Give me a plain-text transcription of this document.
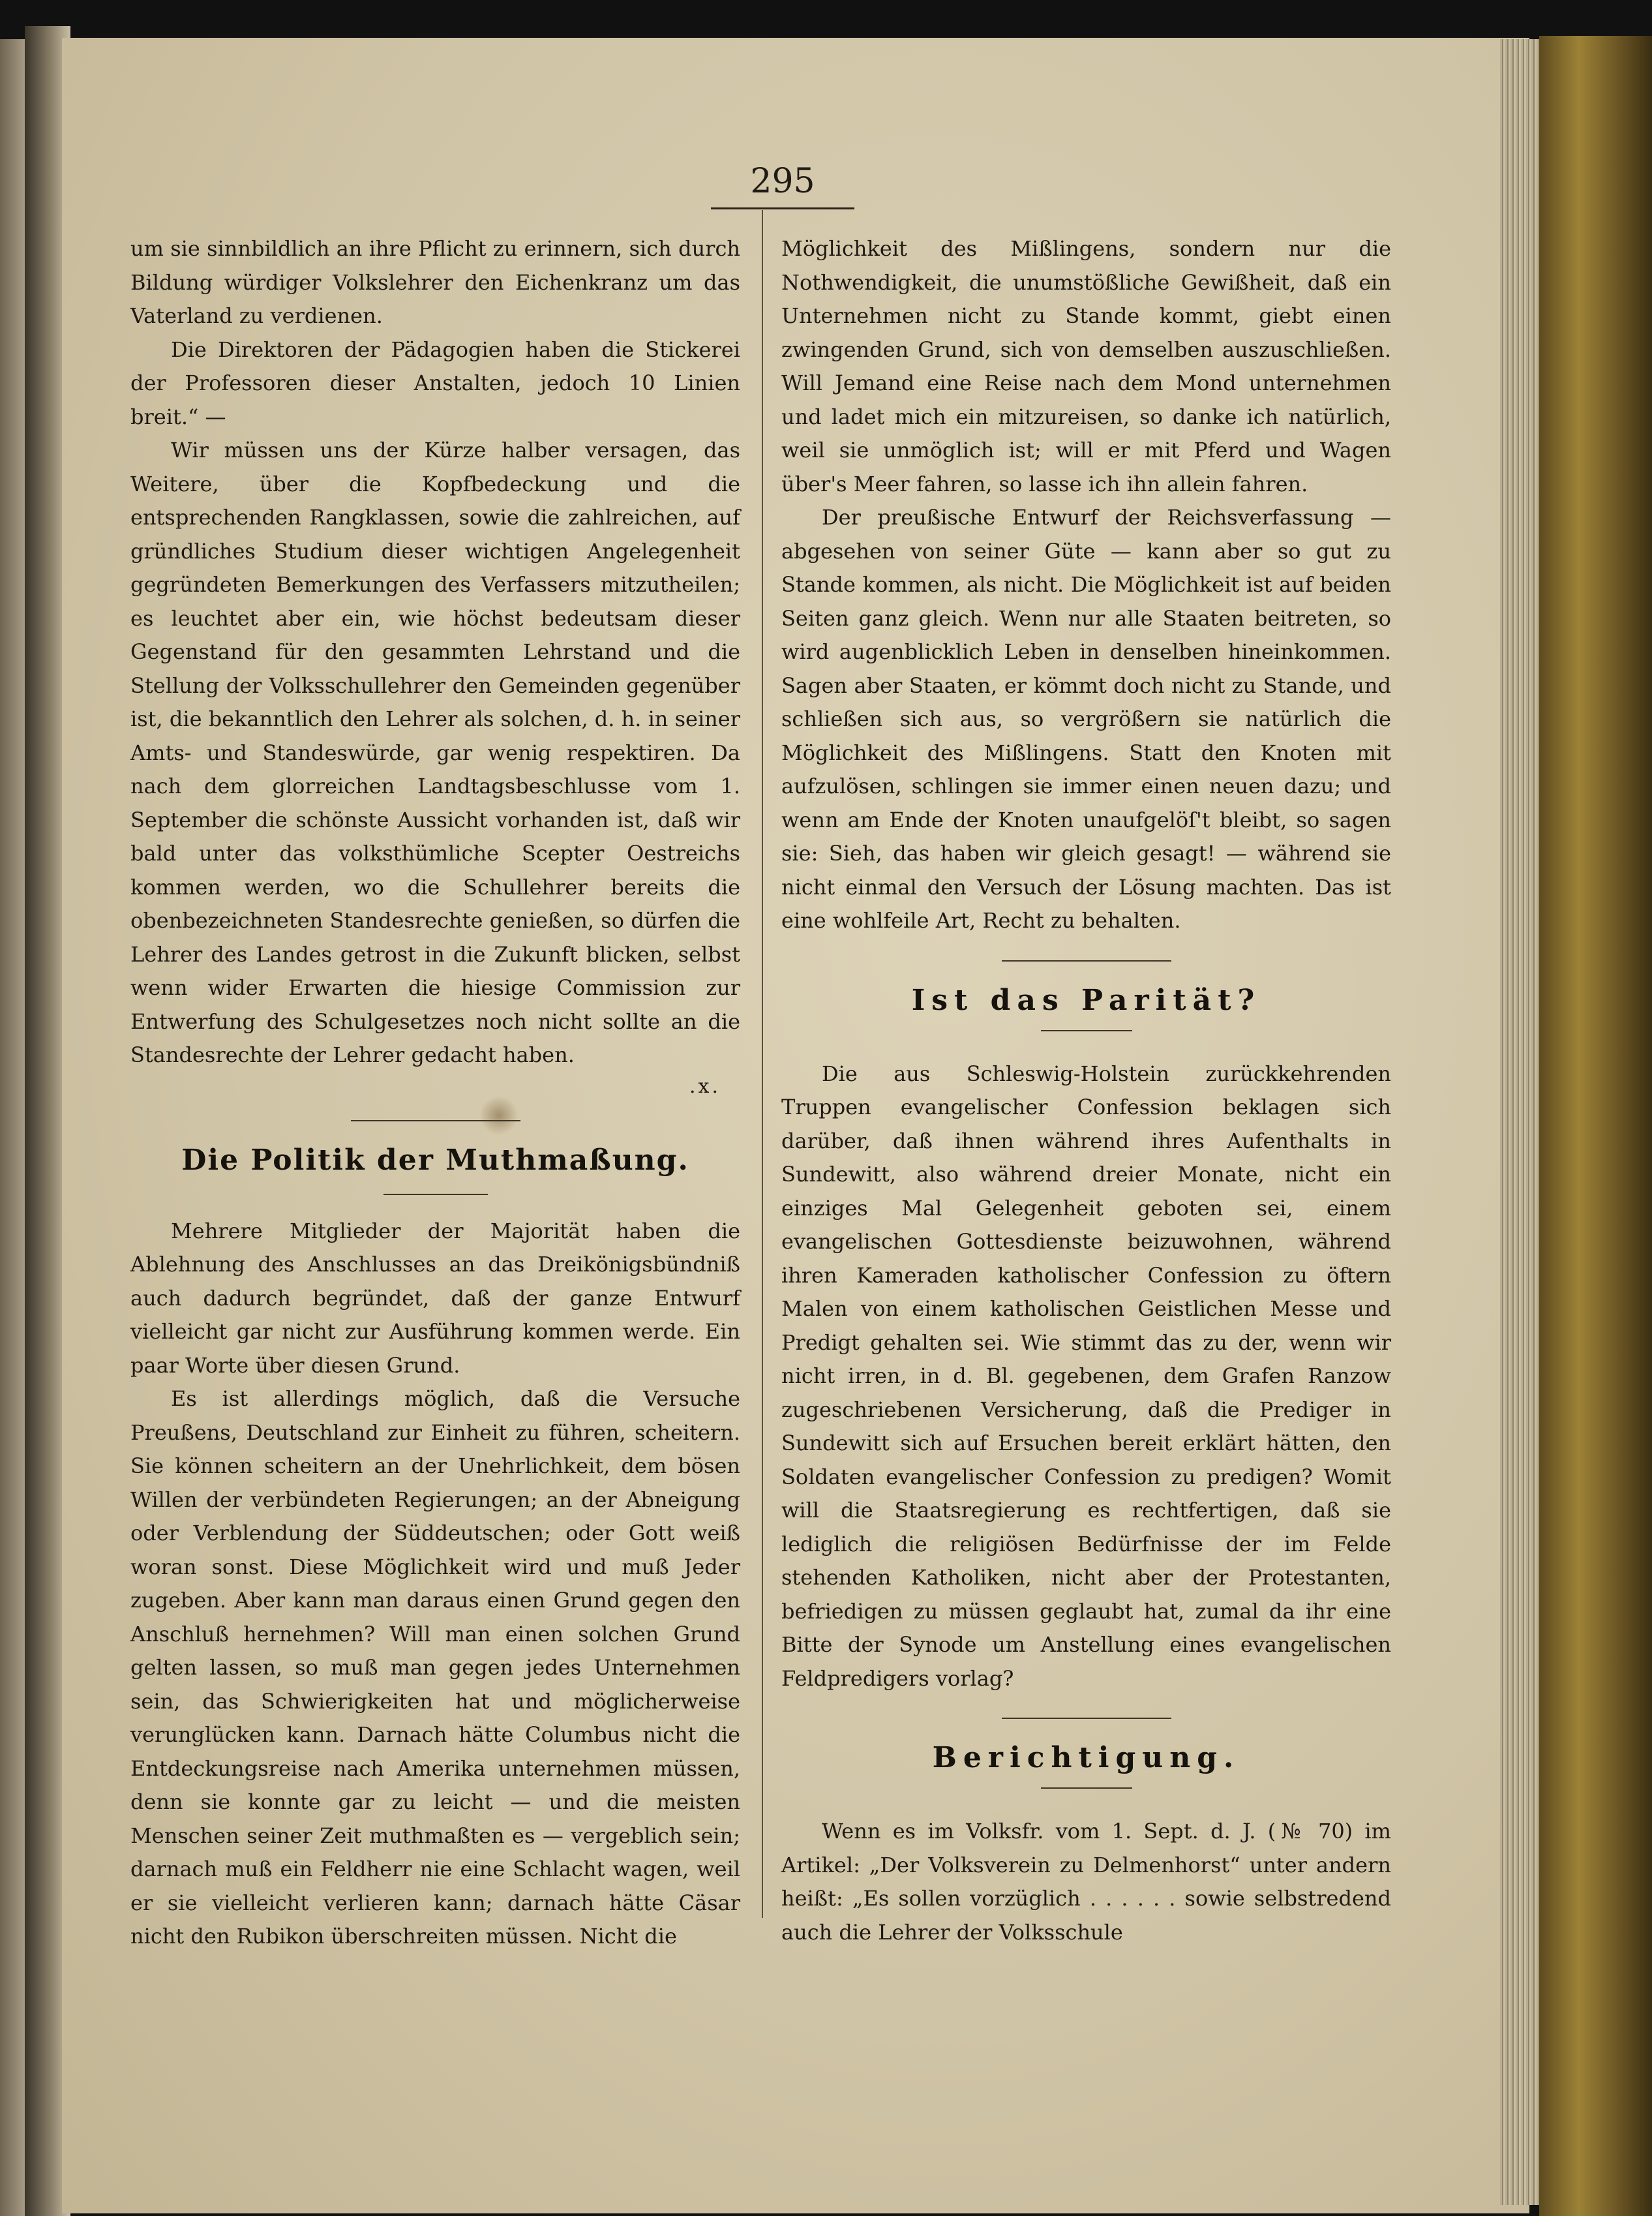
295

um sie sinnbildlich an ihre Pflicht zu erinnern, sich durch Bildung würdiger Volkslehrer den Eichenkranz um das Vaterland zu verdienen.

Die Direktoren der Pädagogien haben die Stickerei der Professoren dieser Anstalten, jedoch 10 Linien breit.“ —

Wir müssen uns der Kürze halber versagen, das Weitere, über die Kopfbedeckung und die entsprechenden Rangklassen, sowie die zahlreichen, auf gründliches Studium dieser wichtigen Angelegenheit gegründeten Bemerkungen des Verfassers mitzutheilen; es leuchtet aber ein, wie höchst bedeutsam dieser Gegenstand für den gesammten Lehrstand und die Stellung der Volksschullehrer den Gemeinden gegenüber ist, die bekanntlich den Lehrer als solchen, d. h. in seiner Amts- und Standeswürde, gar wenig respektiren. Da nach dem glorreichen Landtagsbeschlusse vom 1. September die schönste Aussicht vorhanden ist, daß wir bald unter das volksthümliche Scepter Oestreichs kommen werden, wo die Schullehrer bereits die obenbezeichneten Standesrechte genießen, so dürfen die Lehrer des Landes getrost in die Zukunft blicken, selbst wenn wider Erwarten die hiesige Commission zur Entwerfung des Schulgesetzes noch nicht sollte an die Standesrechte der Lehrer gedacht haben.

.x.
Die Politik der Muthmaßung.

Mehrere Mitglieder der Majorität haben die Ablehnung des Anschlusses an das Dreikönigsbündniß auch dadurch begründet, daß der ganze Entwurf vielleicht gar nicht zur Ausführung kommen werde. Ein paar Worte über diesen Grund.

Es ist allerdings möglich, daß die Versuche Preußens, Deutschland zur Einheit zu führen, scheitern. Sie können scheitern an der Unehrlichkeit, dem bösen Willen der verbündeten Regierungen; an der Abneigung oder Verblendung der Süddeutschen; oder Gott weiß woran sonst. Diese Möglichkeit wird und muß Jeder zugeben. Aber kann man daraus einen Grund gegen den Anschluß hernehmen? Will man einen solchen Grund gelten lassen, so muß man gegen jedes Unternehmen sein, das Schwierigkeiten hat und möglicherweise verunglücken kann. Darnach hätte Columbus nicht die Entdeckungsreise nach Amerika unternehmen müssen, denn sie konnte gar zu leicht — und die meisten Menschen seiner Zeit muthmaßten es — vergeblich sein; darnach muß ein Feldherr nie eine Schlacht wagen, weil er sie vielleicht verlieren kann; darnach hätte Cäsar nicht den Rubikon überschreiten müssen. Nicht die

Möglichkeit des Mißlingens, sondern nur die Nothwendigkeit, die unumstößliche Gewißheit, daß ein Unternehmen nicht zu Stande kommt, giebt einen zwingenden Grund, sich von demselben auszuschließen. Will Jemand eine Reise nach dem Mond unternehmen und ladet mich ein mitzureisen, so danke ich natürlich, weil sie unmöglich ist; will er mit Pferd und Wagen über's Meer fahren, so lasse ich ihn allein fahren.

Der preußische Entwurf der Reichsverfassung — abgesehen von seiner Güte — kann aber so gut zu Stande kommen, als nicht. Die Möglichkeit ist auf beiden Seiten ganz gleich. Wenn nur alle Staaten beitreten, so wird augenblicklich Leben in denselben hineinkommen. Sagen aber Staaten, er kömmt doch nicht zu Stande, und schließen sich aus, so vergrößern sie natürlich die Möglichkeit des Mißlingens. Statt den Knoten mit aufzulösen, schlingen sie immer einen neuen dazu; und wenn am Ende der Knoten unaufgelöſ't bleibt, so sagen sie: Sieh, das haben wir gleich gesagt! — während sie nicht einmal den Versuch der Lösung machten. Das ist eine wohlfeile Art, Recht zu behalten.

Ist das Parität?

Die aus Schleswig-Holstein zurückkehrenden Truppen evangelischer Confession beklagen sich darüber, daß ihnen während ihres Aufenthalts in Sundewitt, also während dreier Monate, nicht ein einziges Mal Gelegenheit geboten sei, einem evangelischen Gottesdienste beizuwohnen, während ihren Kameraden katholischer Confession zu öftern Malen von einem katholischen Geistlichen Messe und Predigt gehalten sei. Wie stimmt das zu der, wenn wir nicht irren, in d. Bl. gegebenen, dem Grafen Ranzow zugeschriebenen Versicherung, daß die Prediger in Sundewitt sich auf Ersuchen bereit erklärt hätten, den Soldaten evangelischer Confession zu predigen? Womit will die Staatsregierung es rechtfertigen, daß sie lediglich die religiösen Bedürfnisse der im Felde stehenden Katholiken, nicht aber der Protestanten, befriedigen zu müssen geglaubt hat, zumal da ihr eine Bitte der Synode um Anstellung eines evangelischen Feldpredigers vorlag?

Berichtigung.

Wenn es im Volksfr. vom 1. Sept. d. J. (№ 70) im Artikel: „Der Volksverein zu Delmenhorst“ unter andern heißt: „Es sollen vorzüglich . . . . . . sowie selbstredend auch die Lehrer der Volksschule
